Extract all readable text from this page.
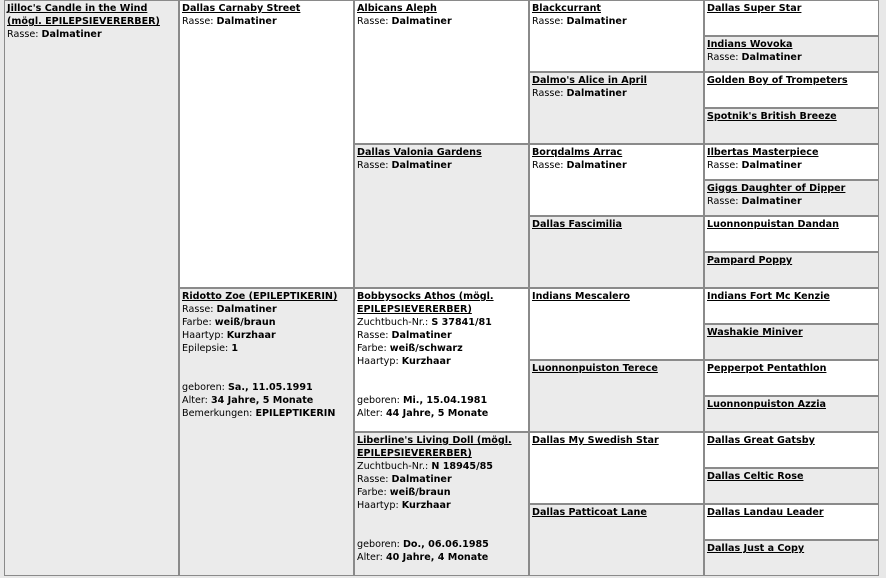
Jilloc's Candle in the Wind (mögl. EPILEPSIEVERERBER)
Rasse: Dalmatiner
Dallas Carnaby Street
Rasse: Dalmatiner
Ridotto Zoe (EPILEPTIKERIN)
Rasse: Dalmatiner
Farbe: weiß/braun
Haartyp: Kurzhaar
Epilepsie: 1
geboren: Sa., 11.05.1991
Alter: 34 Jahre, 5 Monate
Bemerkungen: EPILEPTIKERIN
Albicans Aleph
Rasse: Dalmatiner
Dallas Valonia Gardens
Rasse: Dalmatiner
Bobbysocks Athos (mögl. EPILEPSIEVERERBER)
Zuchtbuch-Nr.: S 37841/81
Rasse: Dalmatiner
Farbe: weiß/schwarz
Haartyp: Kurzhaar
geboren: Mi., 15.04.1981
Alter: 44 Jahre, 5 Monate
Liberline's Living Doll (mögl. EPILEPSIEVERERBER)
Zuchtbuch-Nr.: N 18945/85
Rasse: Dalmatiner
Farbe: weiß/braun
Haartyp: Kurzhaar
geboren: Do., 06.06.1985
Alter: 40 Jahre, 4 Monate
Blackcurrant
Rasse: Dalmatiner
Dalmo's Alice in April
Rasse: Dalmatiner
Borqdalms Arrac
Rasse: Dalmatiner
Dallas Fascimilia
Indians Mescalero
Luonnonpuiston Terece
Dallas My Swedish Star
Dallas Patticoat Lane
Dallas Super Star
Indians Wovoka
Rasse: Dalmatiner
Golden Boy of Trompeters
Spotnik's British Breeze
Ilbertas Masterpiece
Rasse: Dalmatiner
Giggs Daughter of Dipper
Rasse: Dalmatiner
Luonnonpuistan Dandan
Pampard Poppy
Indians Fort Mc Kenzie
Washakie Miniver
Pepperpot Pentathlon
Luonnonpuiston Azzia
Dallas Great Gatsby
Dallas Celtic Rose
Dallas Landau Leader
Dallas Just a Copy
